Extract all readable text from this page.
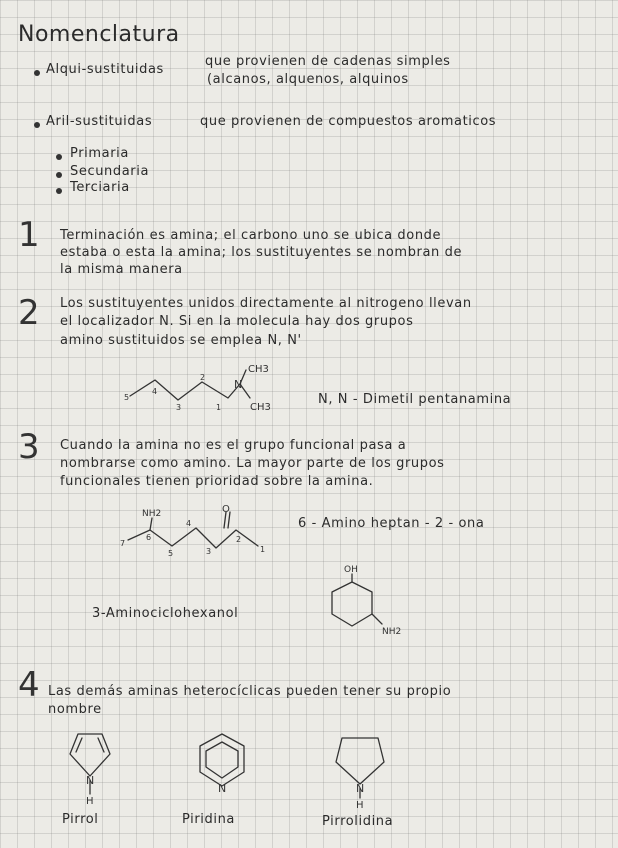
Nomenclatura
Alqui-sustituidas
que provienen de cadenas simples
(alcanos, alquenos, alquinos
Aril-sustituidas	que provienen de compuestos aromaticos
Primaria
Secundaria
Terciaria
1 Terminación es amina; el carbono uno se ubica donde
estaba o esta la amina; los sustituyentes se nombran de
la misma manera
2 Los sustituyentes unidos directamente al nitrogeno llevan
el localizador N. Si en la molecula hay dos grupos
amino sustituidos se emplea N, N'
N, N - Dimetil pentanamina
3 Cuando la amina no es el grupo funcional pasa a
nombrarse como amino. La mayor parte de los grupos
funcionales tienen prioridad sobre la amina.
6 - Amino heptan - 2 - ona
3-Aminociclohexanol
4 Las demás aminas heterocíclicas pueden tener su propio
nombre
Pirrol	Piridina	Pirrolidina
CH3
N
CH3
5
4
3
2
1
NH2	O
7
6
5
4
3
2
1
OH
NH2
N
H
N	N
H
